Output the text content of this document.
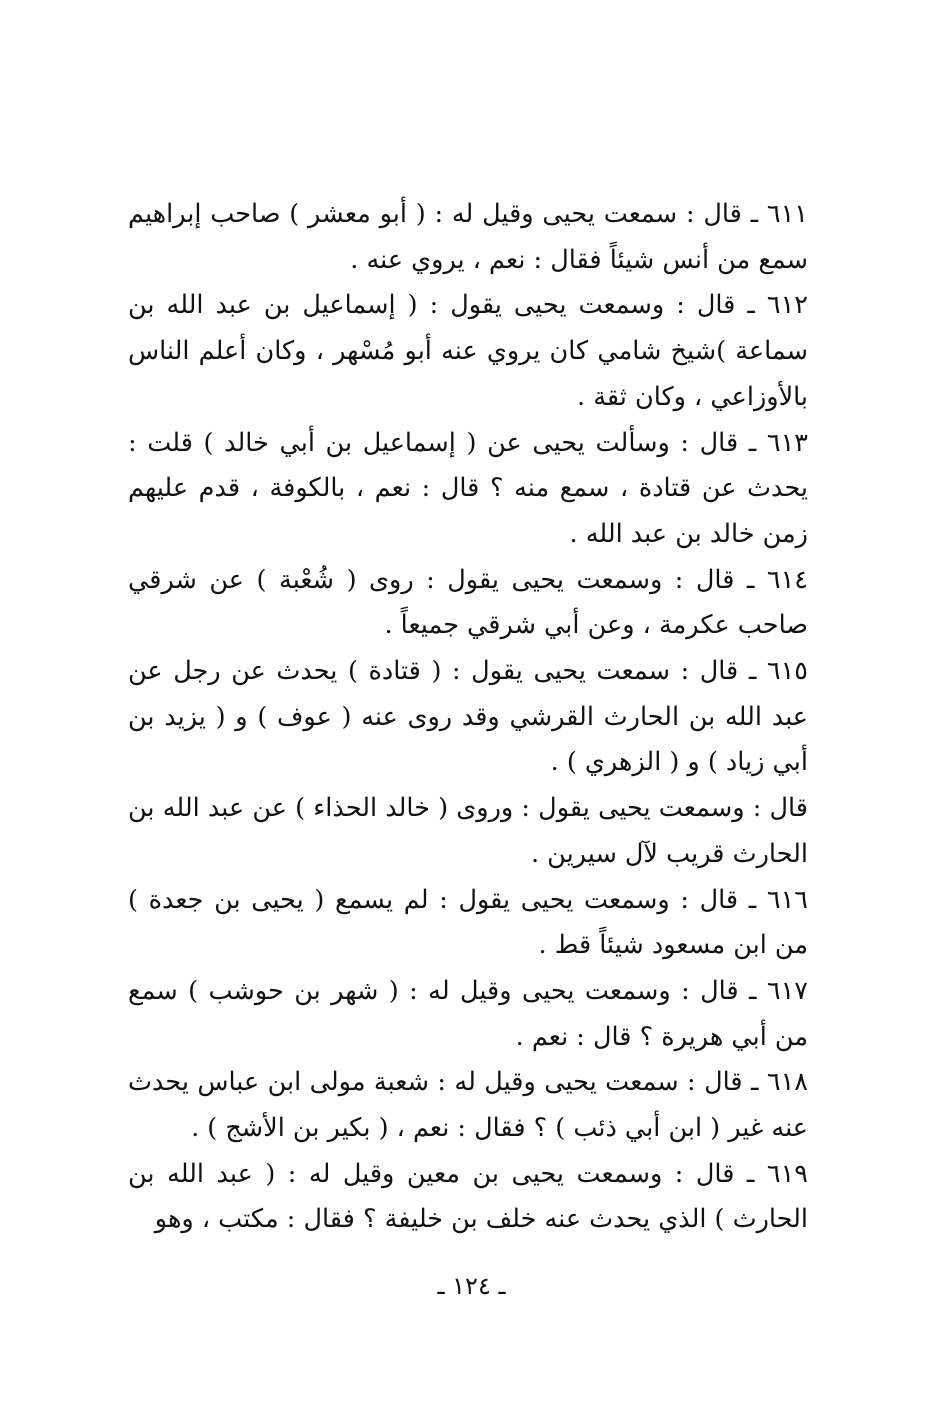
٦١١ ـ قال : سمعت يحيى وقيل له : ( أبو معشر ) صاحب إبراهيم سمع من أنس شيئاً فقال : نعم ، يروي عنه .

٦١٢ ـ قال : وسمعت يحيى يقول : ( إسماعيل بن عبد الله بن سماعة )شيخ شامي كان يروي عنه أبو مُسْهر ، وكان أعلم الناس بالأوزاعي ، وكان ثقة .

٦١٣ ـ قال : وسألت يحيى عن ( إسماعيل بن أبي خالد ) قلت : يحدث عن قتادة ، سمع منه ؟ قال : نعم ، بالكوفة ، قدم عليهم زمن خالد بن عبد الله .

٦١٤ ـ قال : وسمعت يحيى يقول : روى ( شُعْبة ) عن شرقي صاحب عكرمة ، وعن أبي شرقي جميعاً .

٦١٥ ـ قال : سمعت يحيى يقول : ( قتادة ) يحدث عن رجل عن عبد الله بن الحارث القرشي وقد روى عنه ( عوف ) و ( يزيد بن أبي زياد ) و ( الزهري ) .

قال : وسمعت يحيى يقول : وروى ( خالد الحذاء ) عن عبد الله بن الحارث قريب لآل سيرين .

٦١٦ ـ قال : وسمعت يحيى يقول : لم يسمع ( يحيى بن جعدة ) من ابن مسعود شيئاً قط .

٦١٧ ـ قال : وسمعت يحيى وقيل له : ( شهر بن حوشب ) سمع من أبي هريرة ؟ قال : نعم .

٦١٨ ـ قال : سمعت يحيى وقيل له : شعبة مولى ابن عباس يحدث عنه غير ( ابن أبي ذئب ) ؟ فقال : نعم ، ( بكير بن الأشج ) .

٦١٩ ـ قال : وسمعت يحيى بن معين وقيل له : ( عبد الله بن الحارث ) الذي يحدث عنه خلف بن خليفة ؟ فقال : مكتب ، وهو

ـ ١٢٤ ـ
